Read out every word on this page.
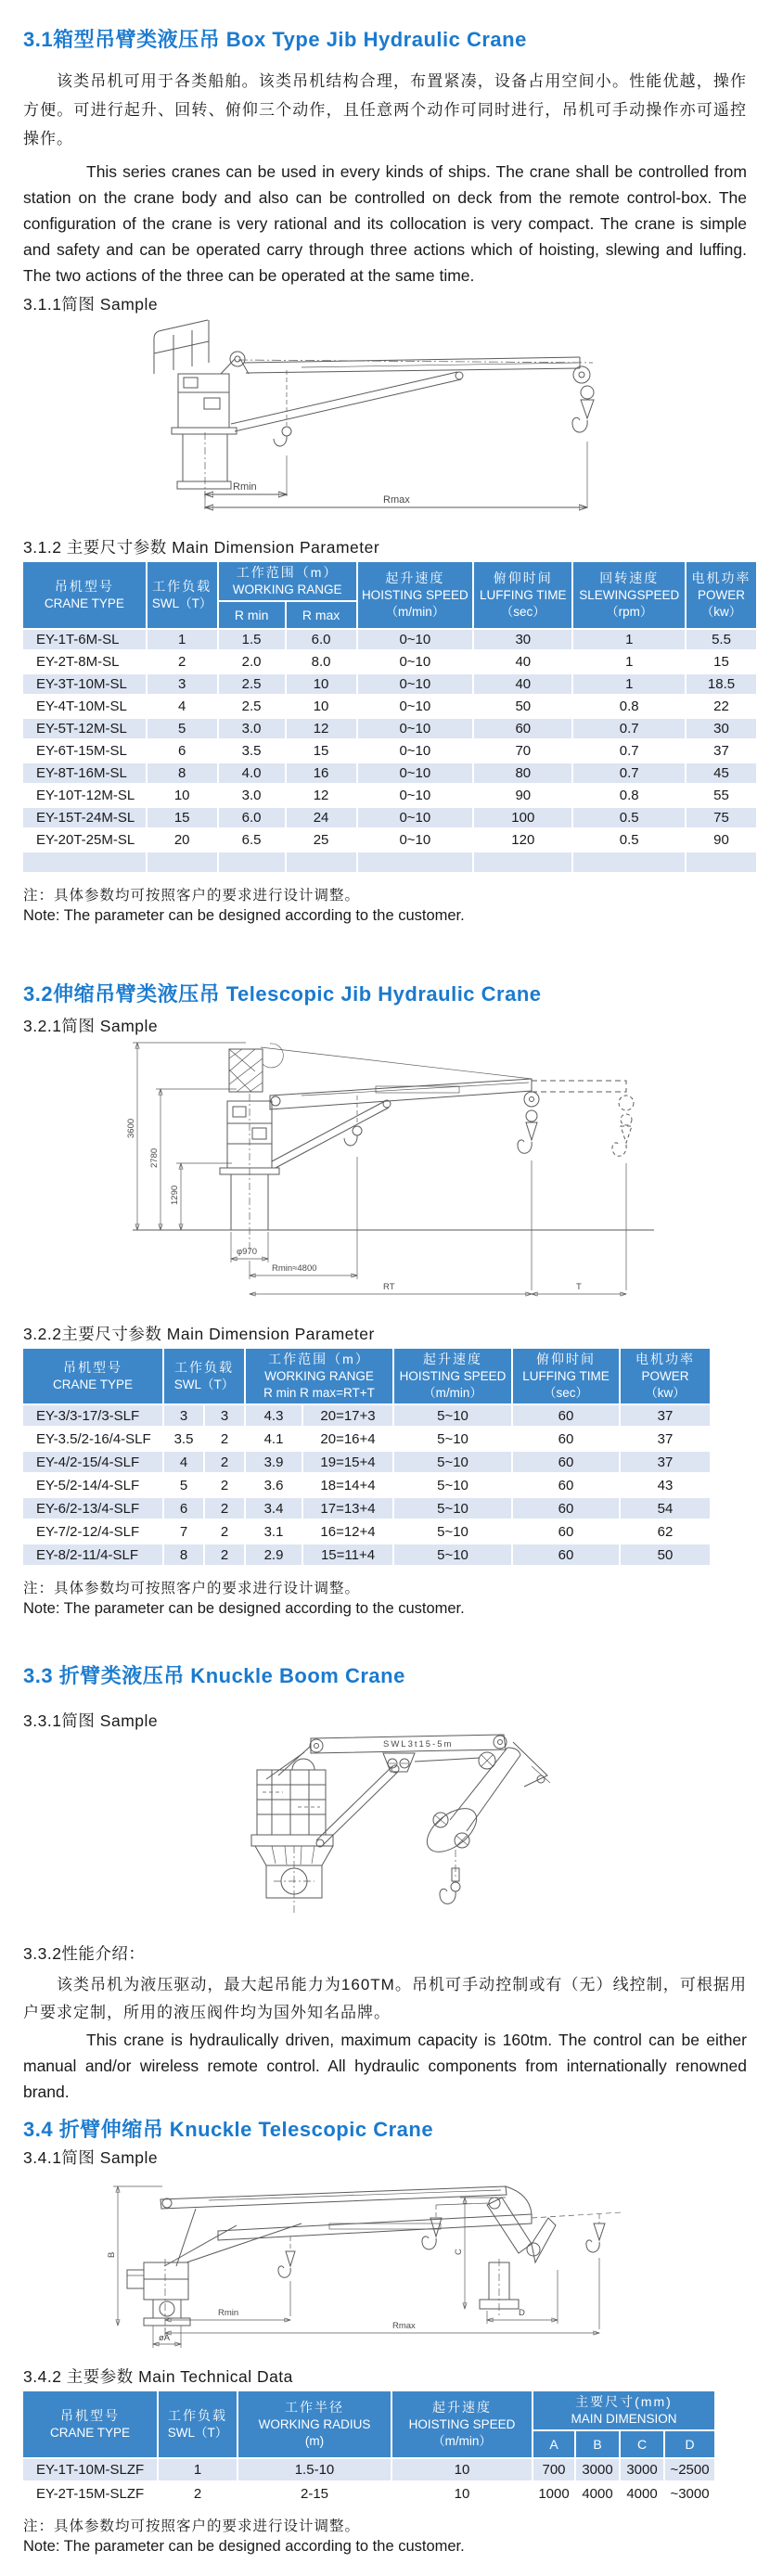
3.1箱型吊臂类液压吊 Box Type Jib Hydraulic Crane

该类吊机可用于各类船舶。该类吊机结构合理，布置紧凑，设备占用空间小。性能优越，操作方便。可进行起升、回转、俯仰三个动作，且任意两个动作可同时进行，吊机可手动操作亦可遥控操作。

This series cranes can be used in every kinds of ships. The crane shall be controlled from station on the crane body and also can be controlled on deck from the remote control-box. The configuration of the crane is very rational and its collocation is very compact. The crane is simple and safety and can be operated carry through three actions which of hoisting, slewing and luffing. The two actions of the three can be operated at the same time.

3.1.1简图 Sample
Rmin
Rmax
3.1.2 主要尺寸参数 Main Dimension Parameter
吊机型号
CRANE TYPE	工作负载
SWL（T）	工作范围（m）
WORKING RANGE		起升速度
HOISTING SPEED
（m/min）	俯仰时间
LUFFING TIME
（sec）	回转速度
SLEWINGSPEED
（rpm）	电机功率
POWER
（kw）

		R min	R max				
EY-1T-6M-SL	1	1.5	6.0	0~10	30	1	5.5
EY-2T-8M-SL	2	2.0	8.0	0~10	40	1	15
EY-3T-10M-SL	3	2.5	10	0~10	40	1	18.5
EY-4T-10M-SL	4	2.5	10	0~10	50	0.8	22
EY-5T-12M-SL	5	3.0	12	0~10	60	0.7	30
EY-6T-15M-SL	6	3.5	15	0~10	70	0.7	37
EY-8T-16M-SL	8	4.0	16	0~10	80	0.7	45
EY-10T-12M-SL	10	3.0	12	0~10	90	0.8	55
EY-15T-24M-SL	15	6.0	24	0~10	100	0.5	75
EY-20T-25M-SL	20	6.5	25	0~10	120	0.5	90

注：具体参数均可按照客户的要求进行设计调整。
Note: The parameter can be designed according to the customer.
3.2伸缩吊臂类液压吊 Telescopic Jib Hydraulic Crane
3.2.1简图 Sample
3600
2780
1290
φ970
Rmin≈4800
RT	T
3.2.2主要尺寸参数 Main Dimension Parameter
吊机型号
CRANE TYPE	工作负载
SWL（T）		工作范围（m）
WORKING RANGE
R min R max=RT+T		起升速度
HOISTING SPEED
（m/min）	俯仰时间
LUFFING TIME
（sec）	电机功率
POWER
（kw）

EY-3/3-17/3-SLF	3	3	4.3	20=17+3	5~10	60	37
EY-3.5/2-16/4-SLF	3.5	2	4.1	20=16+4	5~10	60	37
EY-4/2-15/4-SLF	4	2	3.9	19=15+4	5~10	60	37
EY-5/2-14/4-SLF	5	2	3.6	18=14+4	5~10	60	43
EY-6/2-13/4-SLF	6	2	3.4	17=13+4	5~10	60	54
EY-7/2-12/4-SLF	7	2	3.1	16=12+4	5~10	60	62
EY-8/2-11/4-SLF	8	2	2.9	15=11+4	5~10	60	50
注：具体参数均可按照客户的要求进行设计调整。
Note: The parameter can be designed according to the customer.
3.3 折臂类液压吊 Knuckle Boom Crane
3.3.1简图 Sample
SWL3t15-5m
3.3.2性能介绍：

该类吊机为液压驱动，最大起吊能力为160TM。吊机可手动控制或有（无）线控制，可根据用户要求定制，所用的液压阀件均为国外知名品牌。

This crane is hydraulically driven, maximum capacity is 160tm. The control can be either manual and/or wireless remote control. All hydraulic components from internationally renowned brand.

3.4 折臂伸缩吊 Knuckle Telescopic Crane
3.4.1简图 Sample
B
Rmin
Rmax
øA
C
D
3.4.2 主要参数 Main Technical Data
吊机型号
CRANE TYPE	工作负载
SWL（T）	工作半径
WORKING RADIUS
(m)	起升速度
HOISTING SPEED
（m/min）	主要尺寸(mm)
MAIN DIMENSION			

				A	B	C	D
EY-1T-10M-SLZF	1	1.5-10	10	700	3000	3000	~2500
EY-2T-15M-SLZF	2	2-15	10	1000	4000	4000	~3000
注：具体参数均可按照客户的要求进行设计调整。
Note: The parameter can be designed according to the customer.
